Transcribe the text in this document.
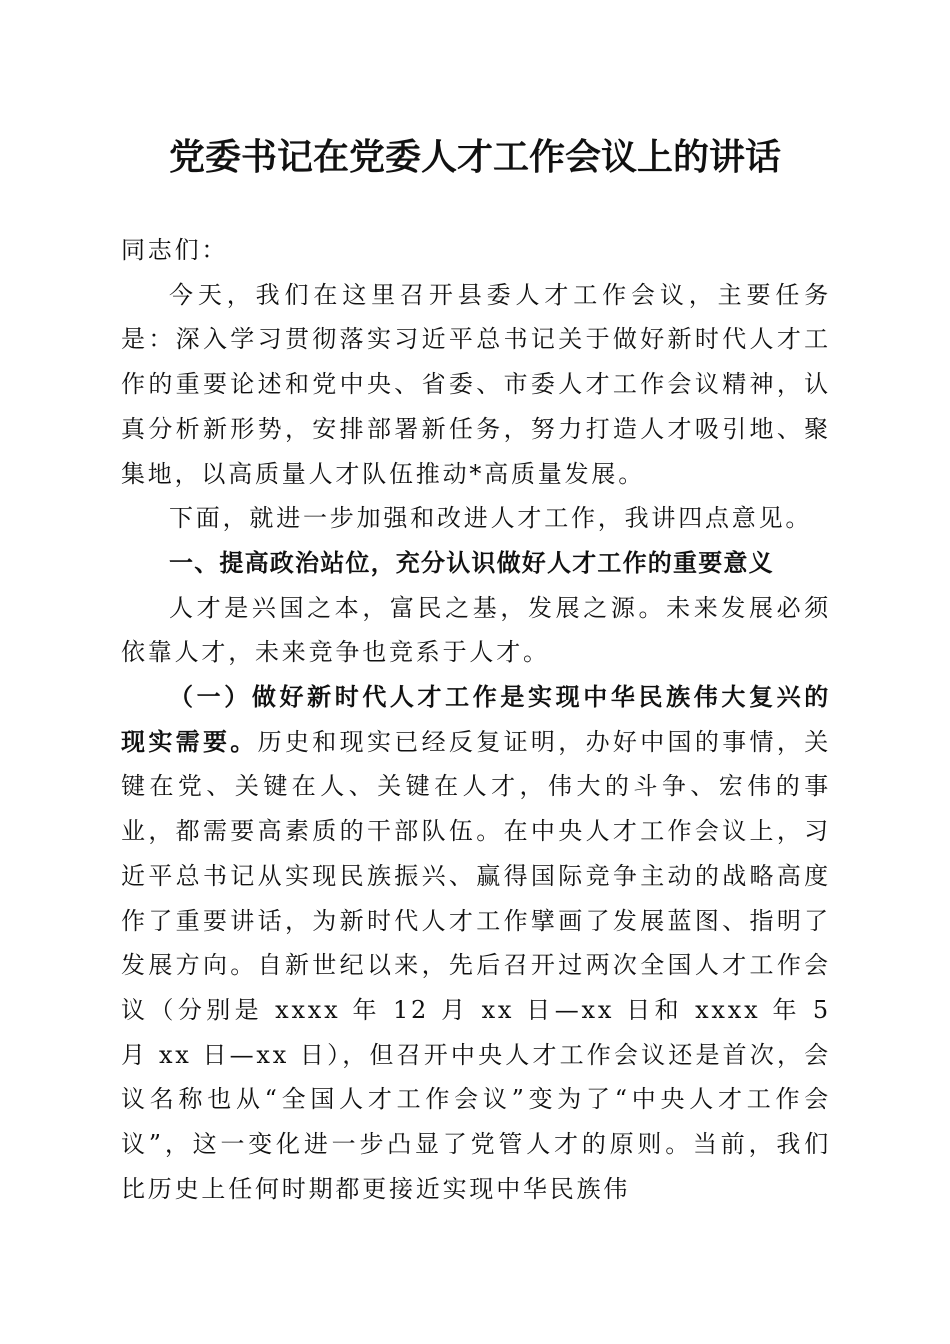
党委书记在党委人才工作会议上的讲话

同志们：

今天，我们在这里召开县委人才工作会议，主要任务是：深入学习贯彻落实习近平总书记关于做好新时代人才工作的重要论述和党中央、省委、市委人才工作会议精神，认真分析新形势，安排部署新任务，努力打造人才吸引地、聚集地，以高质量人才队伍推动*高质量发展。

下面，就进一步加强和改进人才工作，我讲四点意见。

一、提高政治站位，充分认识做好人才工作的重要意义

人才是兴国之本，富民之基，发展之源。未来发展必须依靠人才，未来竞争也竞系于人才。

（一）做好新时代人才工作是实现中华民族伟大复兴的现实需要。历史和现实已经反复证明，办好中国的事情，关键在党、关键在人、关键在人才，伟大的斗争、宏伟的事业，都需要高素质的干部队伍。在中央人才工作会议上，习近平总书记从实现民族振兴、赢得国际竞争主动的战略高度作了重要讲话，为新时代人才工作擘画了发展蓝图、指明了发展方向。自新世纪以来，先后召开过两次全国人才工作会议（分别是 xxxx 年 12 月 xx 日—xx 日和 xxxx 年 5 月 xx 日—xx 日），但召开中央人才工作会议还是首次，会议名称也从“全国人才工作会议”变为了“中央人才工作会议”，这一变化进一步凸显了党管人才的原则。当前，我们比历史上任何时期都更接近实现中华民族伟
